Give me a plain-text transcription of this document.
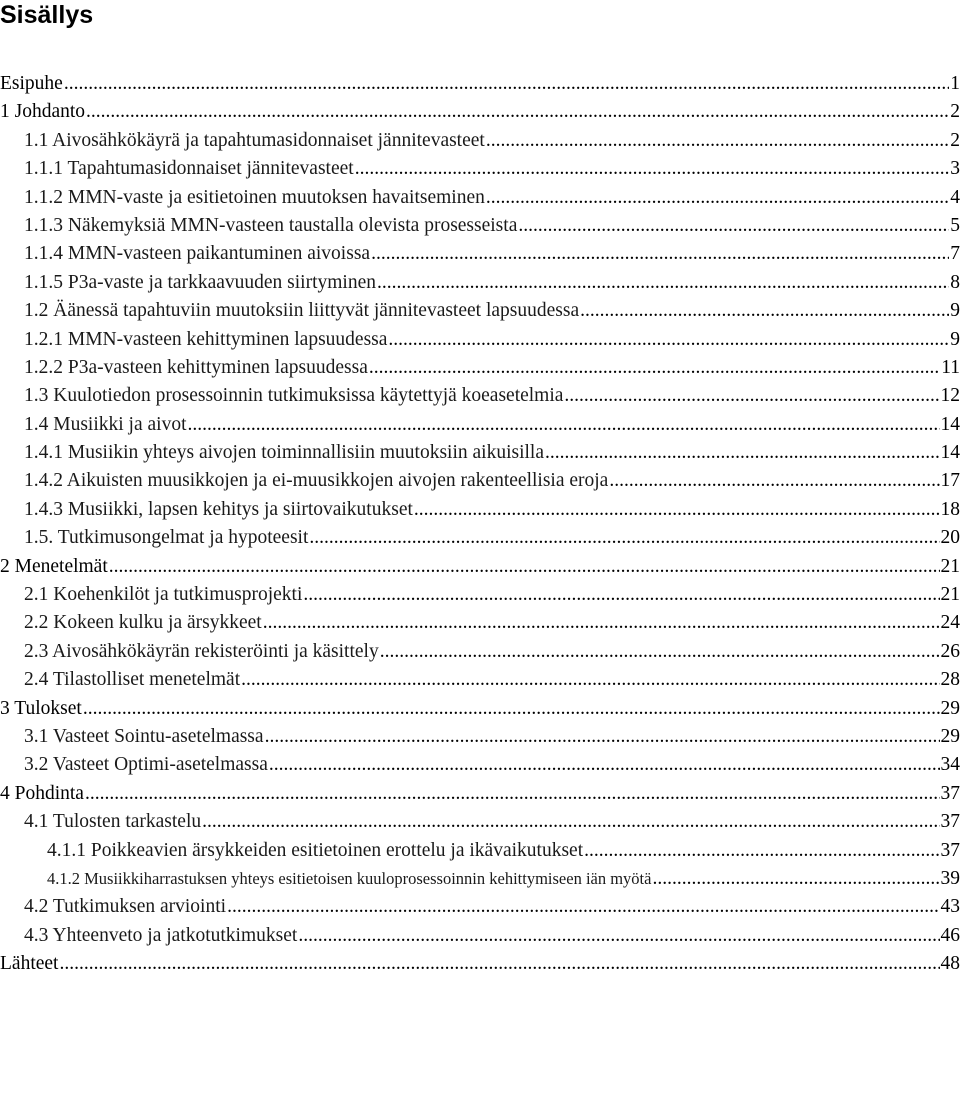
Sisällys
Esipuhe .....	1
1 Johdanto .....	2
1.1 Aivosähkökäyrä ja tapahtumasidonnaiset jännitevasteet .....	2
1.1.1 Tapahtumasidonnaiset jännitevasteet .....	3
1.1.2 MMN-vaste ja esitietoinen muutoksen havaitseminen .....	4
1.1.3 Näkemyksiä MMN-vasteen taustalla olevista prosesseista .....	5
1.1.4 MMN-vasteen paikantuminen aivoissa .....	7
1.1.5 P3a-vaste ja tarkkaavuuden siirtyminen .....	8
1.2 Äänessä tapahtuviin muutoksiin liittyvät jännitevasteet lapsuudessa .....	9
1.2.1 MMN-vasteen kehittyminen lapsuudessa .....	9
1.2.2 P3a-vasteen kehittyminen lapsuudessa .....	11
1.3 Kuulotiedon prosessoinnin tutkimuksissa käytettyjä koeasetelmia .....	12
1.4 Musiikki ja aivot .....	14
1.4.1 Musiikin yhteys aivojen toiminnallisiin muutoksiin aikuisilla .....	14
1.4.2 Aikuisten muusikkojen ja ei-muusikkojen aivojen rakenteellisia eroja .....	17
1.4.3 Musiikki, lapsen kehitys ja siirtovaikutukset .....	18
1.5. Tutkimusongelmat ja hypoteesit .....	20
2 Menetelmät .....	21
2.1 Koehenkilöt ja tutkimusprojekti .....	21
2.2 Kokeen kulku ja ärsykkeet .....	24
2.3 Aivosähkökäyrän rekisteröinti ja käsittely .....	26
2.4 Tilastolliset menetelmät .....	28
3 Tulokset .....	29
3.1 Vasteet Sointu-asetelmassa .....	29
3.2 Vasteet Optimi-asetelmassa .....	34
4 Pohdinta .....	37
4.1 Tulosten tarkastelu .....	37
4.1.1 Poikkeavien ärsykkeiden esitietoinen erottelu ja ikävaikutukset .....	37
4.1.2 Musiikkiharrastuksen yhteys esitietoisen kuuloprosessoinnin kehittymiseen iän myötä .....	39
4.2 Tutkimuksen arviointi .....	43
4.3 Yhteenveto ja jatkotutkimukset .....	46
Lähteet .....	48
